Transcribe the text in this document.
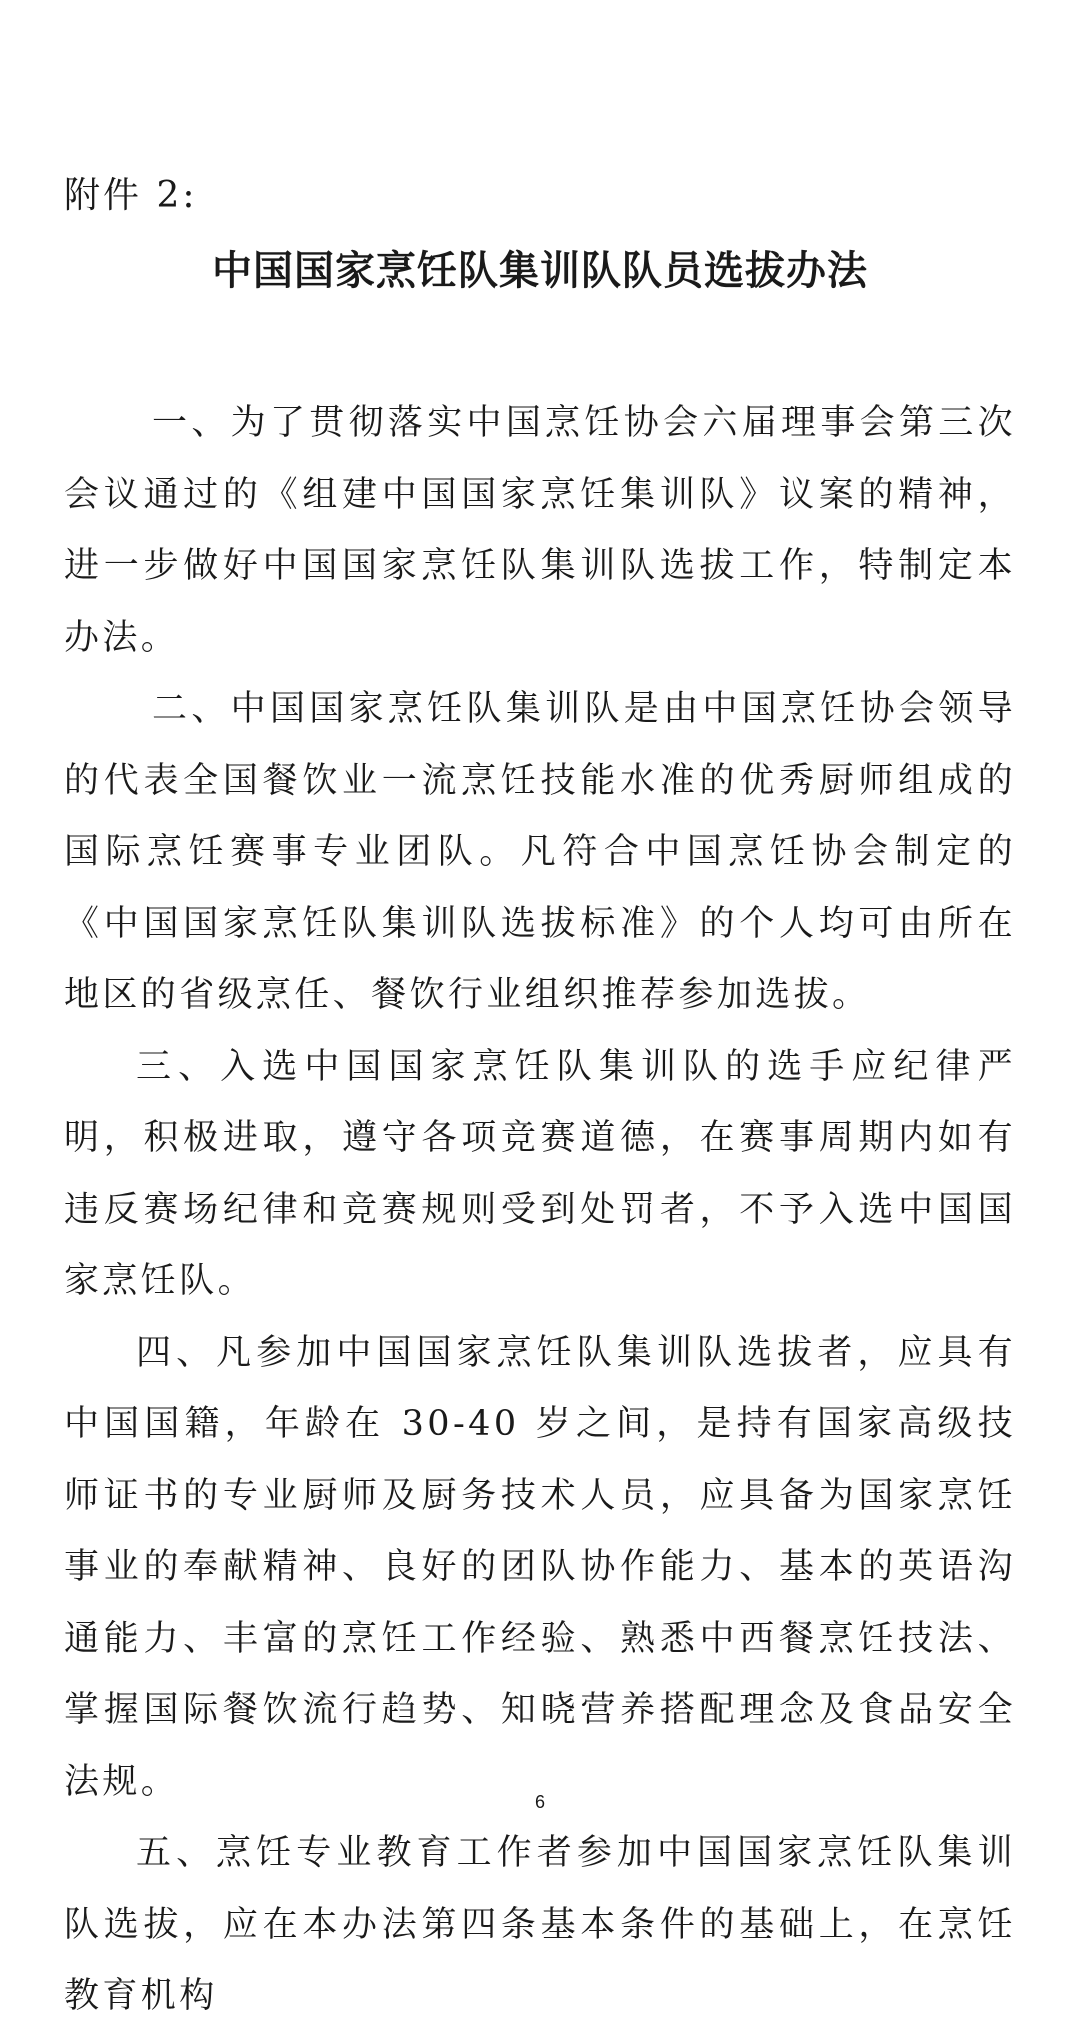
附件 2:
中国国家烹饪队集训队队员选拔办法

一、为了贯彻落实中国烹饪协会六届理事会第三次会议通过的《组建中国国家烹饪集训队》议案的精神，进一步做好中国国家烹饪队集训队选拔工作，特制定本办法。

二、中国国家烹饪队集训队是由中国烹饪协会领导的代表全国餐饮业一流烹饪技能水准的优秀厨师组成的国际烹饪赛事专业团队。凡符合中国烹饪协会制定的《中国国家烹饪队集训队选拔标准》的个人均可由所在地区的省级烹任、餐饮行业组织推荐参加选拔。

三、入选中国国家烹饪队集训队的选手应纪律严明，积极进取，遵守各项竞赛道德，在赛事周期内如有违反赛场纪律和竞赛规则受到处罚者，不予入选中国国家烹饪队。

四、凡参加中国国家烹饪队集训队选拔者，应具有中国国籍，年龄在 30-40 岁之间，是持有国家高级技师证书的专业厨师及厨务技术人员，应具备为国家烹饪事业的奉献精神、良好的团队协作能力、基本的英语沟通能力、丰富的烹饪工作经验、熟悉中西餐烹饪技法、掌握国际餐饮流行趋势、知晓营养搭配理念及食品安全法规。

五、烹饪专业教育工作者参加中国国家烹饪队集训队选拔，应在本办法第四条基本条件的基础上，在烹饪教育机构

6
